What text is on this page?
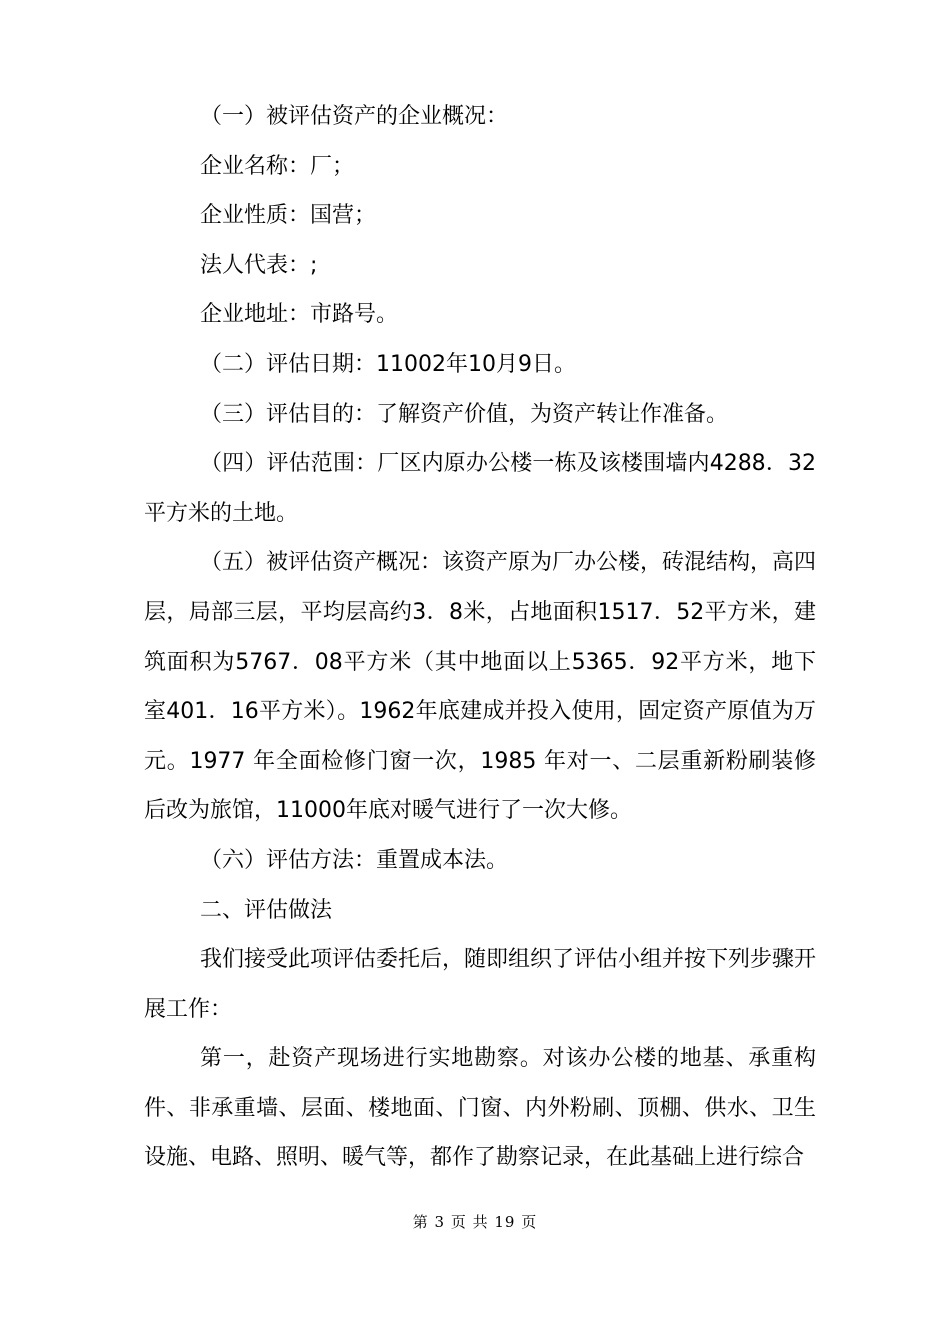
（一）被评估资产的企业概况：

企业名称：厂；

企业性质：国营；

法人代表：;

企业地址：市路号。

（二）评估日期：11002年10月9日。

（三）评估目的：了解资产价值，为资产转让作准备。

（四）评估范围：厂区内原办公楼一栋及该楼围墙内4288．32平方米的土地。

（五）被评估资产概况：该资产原为厂办公楼，砖混结构，高四层，局部三层，平均层高约3．8米，占地面积1517．52平方米，建筑面积为5767．08平方米（其中地面以上5365．92平方米，地下室401．16平方米）。1962年底建成并投入使用，固定资产原值为万元。1977 年全面检修门窗一次，1985 年对一、二层重新粉刷装修后改为旅馆，11000年底对暖气进行了一次大修。

（六）评估方法：重置成本法。

二、评估做法

我们接受此项评估委托后，随即组织了评估小组并按下列步骤开展工作：

第一，赴资产现场进行实地勘察。对该办公楼的地基、承重构件、非承重墙、层面、楼地面、门窗、内外粉刷、顶棚、供水、卫生设施、电路、照明、暖气等，都作了勘察记录，在此基础上进行综合

第 3 页 共 19 页
